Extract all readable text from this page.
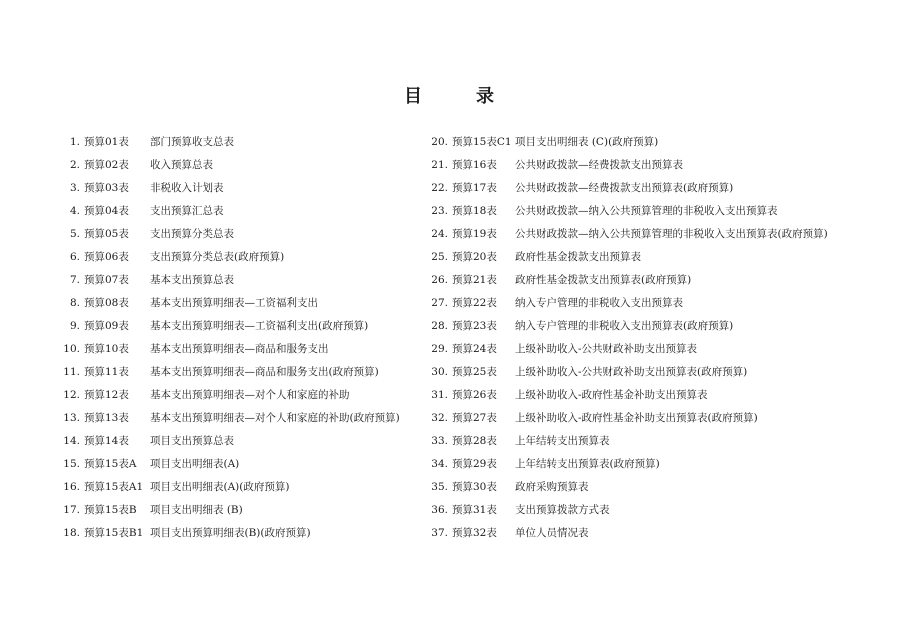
目　录
1. 预算01表	部门预算收支总表
2. 预算02表	收入预算总表
3. 预算03表	非税收入计划表
4. 预算04表	支出预算汇总表
5. 预算05表	支出预算分类总表
6. 预算06表	支出预算分类总表(政府预算)
7. 预算07表	基本支出预算总表
8. 预算08表	基本支出预算明细表—工资福利支出
9. 预算09表	基本支出预算明细表—工资福利支出(政府预算)
10. 预算10表	基本支出预算明细表—商品和服务支出
11. 预算11表	基本支出预算明细表—商品和服务支出(政府预算)
12. 预算12表	基本支出预算明细表—对个人和家庭的补助
13. 预算13表	基本支出预算明细表—对个人和家庭的补助(政府预算)
14. 预算14表	项目支出预算总表
15. 预算15表A	项目支出明细表(A)
16. 预算15表A1 项目支出明细表(A)(政府预算)
17. 预算15表B	项目支出明细表 (B)
18. 预算15表B1 项目支出预算明细表(B)(政府预算)
20. 预算15表C1 项目支出明细表 (C)(政府预算)
21. 预算16表	公共财政拨款—经费拨款支出预算表
22. 预算17表	公共财政拨款—经费拨款支出预算表(政府预算)
23. 预算18表	公共财政拨款—纳入公共预算管理的非税收入支出预算表
24. 预算19表	公共财政拨款—纳入公共预算管理的非税收入支出预算表(政府预算)
25. 预算20表	政府性基金拨款支出预算表
26. 预算21表	政府性基金拨款支出预算表(政府预算)
27. 预算22表	纳入专户管理的非税收入支出预算表
28. 预算23表	纳入专户管理的非税收入支出预算表(政府预算)
29. 预算24表	上级补助收入-公共财政补助支出预算表
30. 预算25表	上级补助收入-公共财政补助支出预算表(政府预算)
31. 预算26表	上级补助收入-政府性基金补助支出预算表
32. 预算27表	上级补助收入-政府性基金补助支出预算表(政府预算)
33. 预算28表	上年结转支出预算表
34. 预算29表	上年结转支出预算表(政府预算)
35. 预算30表	政府采购预算表
36. 预算31表	支出预算拨款方式表
37. 预算32表	单位人员情况表
